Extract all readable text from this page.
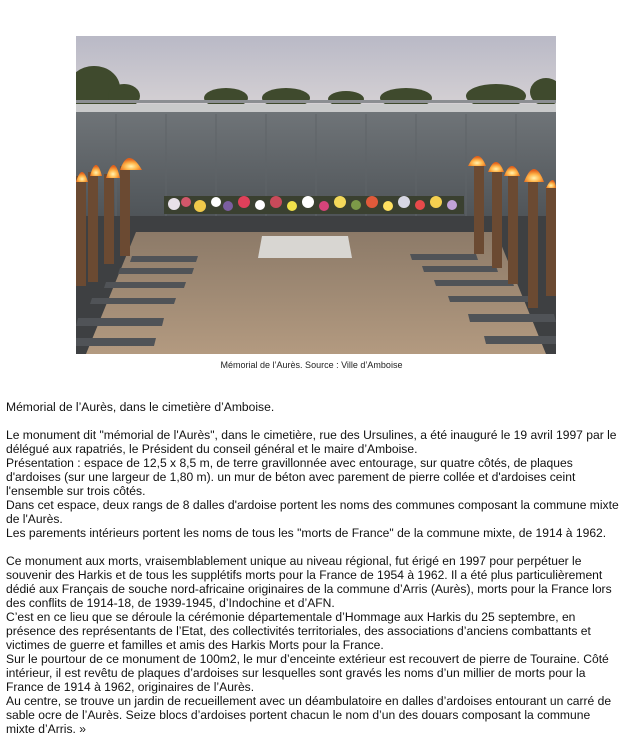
Mémorial de l’Aurès. Source : Ville d’Amboise

Mémorial de l’Aurès, dans le cimetière d’Amboise.

Le monument dit "mémorial de l'Aurès", dans le cimetière, rue des Ursulines, a été inauguré le 19 avril 1997 par le délégué aux rapatriés, le Président du conseil général et le maire d’Amboise.

Présentation : espace de 12,5 x 8,5 m, de terre gravillonnée avec entourage, sur quatre côtés, de plaques d'ardoises (sur une largeur de 1,80 m). un mur de béton avec parement de pierre collée et d'ardoises ceint l'ensemble sur trois côtés.

Dans cet espace, deux rangs de 8 dalles d'ardoise portent les noms des communes composant la commune mixte de l'Aurès.

Les parements intérieurs portent les noms de tous les "morts de France" de la commune mixte, de 1914 à 1962.

Ce monument aux morts, vraisemblablement unique au niveau régional, fut érigé en 1997 pour perpétuer le souvenir des Harkis et de tous les supplétifs morts pour la France de 1954 à 1962. Il a été plus particulièrement dédié aux Français de souche nord-africaine originaires de la commune d’Arris (Aurès), morts pour la France lors des conflits de 1914-18, de 1939-1945, d’Indochine et d’AFN.

C’est en ce lieu que se déroule la cérémonie départementale d’Hommage aux Harkis du 25 septembre, en présence des représentants de l’Etat, des collectivités territoriales, des associations d’anciens combattants et victimes de guerre et familles et amis des Harkis Morts pour la France.

Sur le pourtour de ce monument de 100m2, le mur d’enceinte extérieur est recouvert de pierre de Touraine. Côté intérieur, il est revêtu de plaques d’ardoises sur lesquelles sont gravés les noms d’un millier de morts pour la France de 1914 à 1962, originaires de l’Aurès.

Au centre, se trouve un jardin de recueillement avec un déambulatoire en dalles d’ardoises entourant un carré de sable ocre de l’Aurès. Seize blocs d’ardoises portent chacun le nom d’un des douars composant la commune mixte d’Arris. »
